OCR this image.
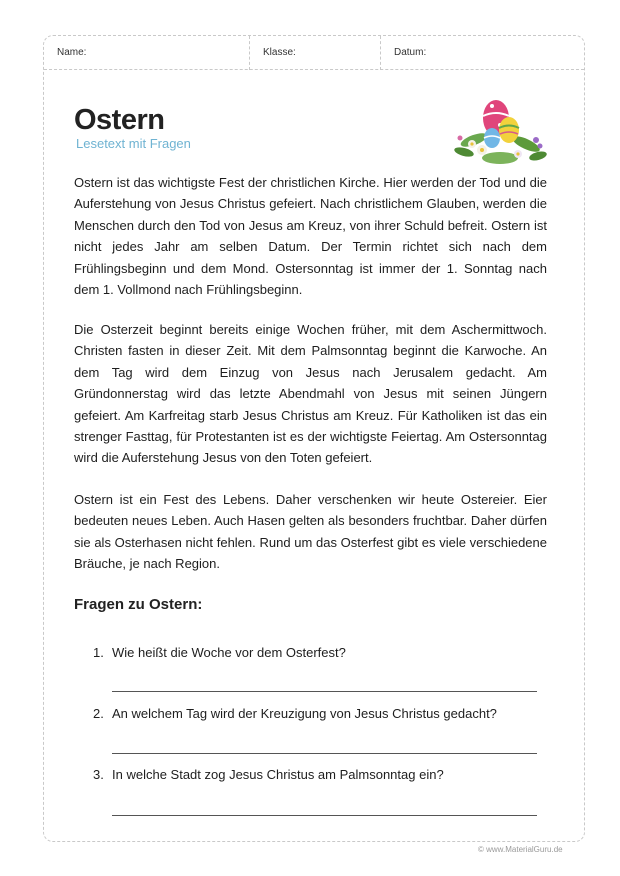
Name:	Klasse:	Datum:
Ostern
Lesetext mit Fragen

Ostern ist das wichtigste Fest der christlichen Kirche. Hier werden der Tod und die Auferstehung von Jesus Christus gefeiert. Nach christlichem Glauben, werden die Menschen durch den Tod von Jesus am Kreuz, von ihrer Schuld befreit. Ostern ist nicht jedes Jahr am selben Datum. Der Termin richtet sich nach dem Frühlingsbeginn und dem Mond. Ostersonntag ist immer der 1. Sonntag nach dem 1. Vollmond nach Frühlingsbeginn.

Die Osterzeit beginnt bereits einige Wochen früher, mit dem Aschermittwoch. Christen fasten in dieser Zeit. Mit dem Palmsonntag beginnt die Karwoche. An dem Tag wird dem Einzug von Jesus nach Jerusalem gedacht. Am Gründonnerstag wird das letzte Abendmahl von Jesus mit seinen Jüngern gefeiert. Am Karfreitag starb Jesus Christus am Kreuz. Für Katholiken ist das ein strenger Fasttag, für Protestanten ist es der wichtigste Feiertag. Am Ostersonntag wird die Auferstehung Jesus von den Toten gefeiert.

Ostern ist ein Fest des Lebens. Daher verschenken wir heute Ostereier. Eier bedeuten neues Leben. Auch Hasen gelten als besonders fruchtbar. Daher dürfen sie als Osterhasen nicht fehlen. Rund um das Osterfest gibt es viele verschiedene Bräuche, je nach Region.

Fragen zu Ostern:
1. Wie heißt die Woche vor dem Osterfest?
2. An welchem Tag wird der Kreuzigung von Jesus Christus gedacht?
3. In welche Stadt zog Jesus Christus am Palmsonntag ein?
© www.MaterialGuru.de
